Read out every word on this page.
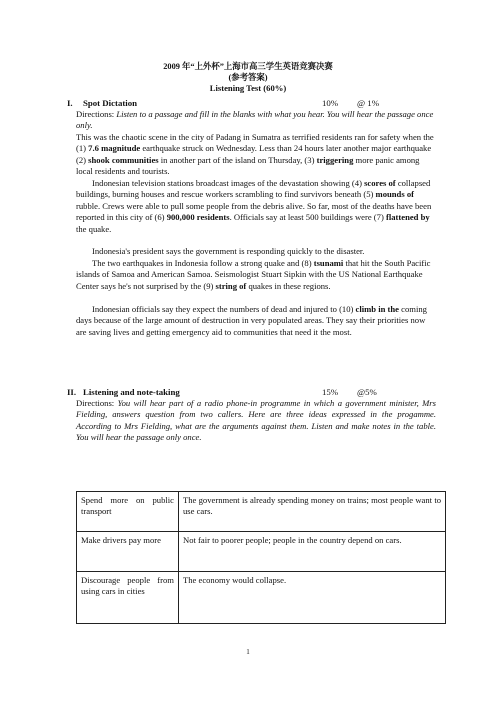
2009 年“上外杯”上海市高三学生英语竞赛决赛
(参考答案)
Listening Test (60%)
I. Spot Dictation	10% @ 1%
Directions: Listen to a passage and fill in the blanks with what you hear. You will hear the passage once only.
This was the chaotic scene in the city of Padang in Sumatra as terrified residents ran for safety when the (1) 7.6 magnitude earthquake struck on Wednesday. Less than 24 hours later another major earthquake (2) shook communities in another part of the island on Thursday, (3) triggering more panic among local residents and tourists.
Indonesian television stations broadcast images of the devastation showing (4) scores of collapsed buildings, burning houses and rescue workers scrambling to find survivors beneath (5) mounds of rubble. Crews were able to pull some people from the debris alive. So far, most of the deaths have been reported in this city of (6) 900,000 residents. Officials say at least 500 buildings were (7) flattened by the quake.
Indonesia's president says the government is responding quickly to the disaster.
The two earthquakes in Indonesia follow a strong quake and (8) tsunami that hit the South Pacific islands of Samoa and American Samoa. Seismologist Stuart Sipkin with the US National Earthquake Center says he's not surprised by the (9) string of quakes in these regions.
Indonesian officials say they expect the numbers of dead and injured to (10) climb in the coming days because of the large amount of destruction in very populated areas. They say their priorities now are saving lives and getting emergency aid to communities that need it the most.
II. Listening and note-taking	15% @5%
Directions: You will hear part of a radio phone-in programme in which a government minister, Mrs Fielding, answers question from two callers. Here are three ideas expressed in the progamme. According to Mrs Fielding, what are the arguments against them. Listen and make notes in the table. You will hear the passage only once.
Spend more on public transport	The government is already spending money on trains; most people want to use cars.
Make drivers pay more	Not fair to poorer people; people in the country depend on cars.
Discourage people from using cars in cities	The economy would collapse.
1
